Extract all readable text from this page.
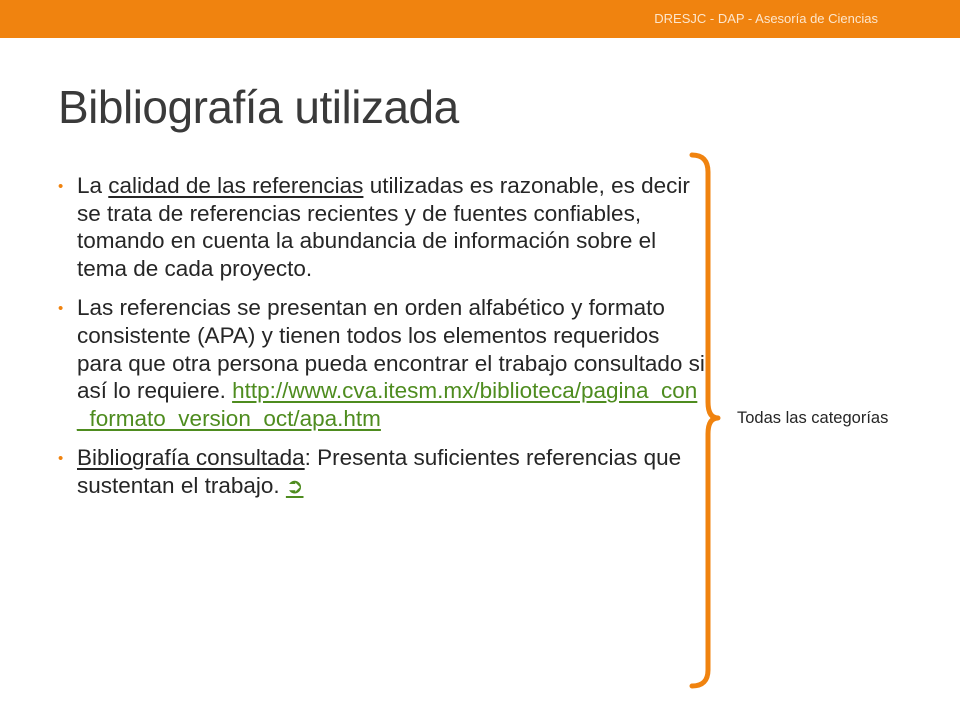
DRESJC - DAP - Asesoría de Ciencias
Bibliografía utilizada
• La calidad de las referencias utilizadas es razonable, es decir se trata de referencias recientes y de fuentes confiables, tomando en cuenta la abundancia de información sobre el tema de cada proyecto.
• Las referencias se presentan en orden alfabético y formato consistente (APA) y tienen todos los elementos requeridos para que otra persona pueda encontrar el trabajo consultado si así lo requiere. http://www.cva.itesm.mx/biblioteca/pagina_con_formato_version_oct/apa.htm
• Bibliografía consultada: Presenta suficientes referencias que sustentan el trabajo. ➲
Todas las categorías
